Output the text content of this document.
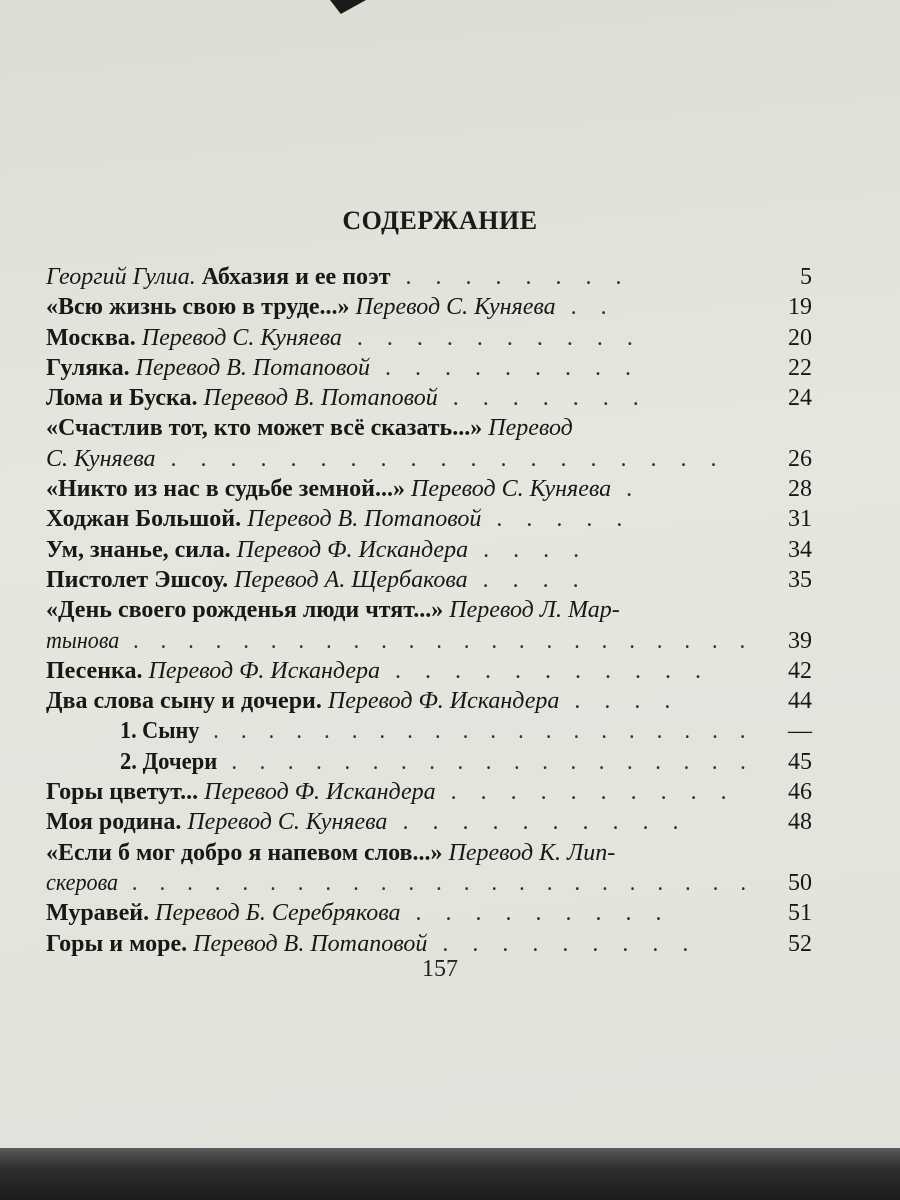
СОДЕРЖАНИЕ
Георгий Гулиа. Абхазия и ее поэт . . . . . . . .	5
«Всю жизнь свою в труде...» Перевод С. Куняева . .	19
Москва. Перевод С. Куняева . . . . . . . . . .	20
Гуляка. Перевод В. Потаповой . . . . . . . . .	22
Лома и Буска. Перевод В. Потаповой . . . . . . .	24
«Счастлив тот, кто может всё сказать...» Перевод
С. Куняева . . . . . . . . . . . . . . . . . . .	26
«Никто из нас в судьбе земной...» Перевод С. Куняева .	28
Ходжан Большой. Перевод В. Потаповой . . . . .	31
Ум, знанье, сила. Перевод Ф. Искандера . . . .	34
Пистолет Эшсоу. Перевод А. Щербакова . . . .	35
«День своего рожденья люди чтят...» Перевод Л. Мар-
тынова . . . . . . . . . . . . . . . . . . . . . . . 39
Песенка. Перевод Ф. Искандера . . . . . . . . . . .	42
Два слова сыну и дочери. Перевод Ф. Искандера . . . .	44
1. Сыну . . . . . . . . . . . . . . . . . . . . —
2. Дочери . . . . . . . . . . . . . . . . . . . 45
Горы цветут... Перевод Ф. Искандера . . . . . . . . . . 46
Моя родина. Перевод С. Куняева . . . . . . . . . .	48
«Если б мог добро я напевом слов...» Перевод К. Лип-
скерова . . . . . . . . . . . . . . . . . . . . . . . 50
Муравей. Перевод Б. Серебрякова . . . . . . . . .	51
Горы и море. Перевод В. Потаповой . . . . . . . . .	52
157
